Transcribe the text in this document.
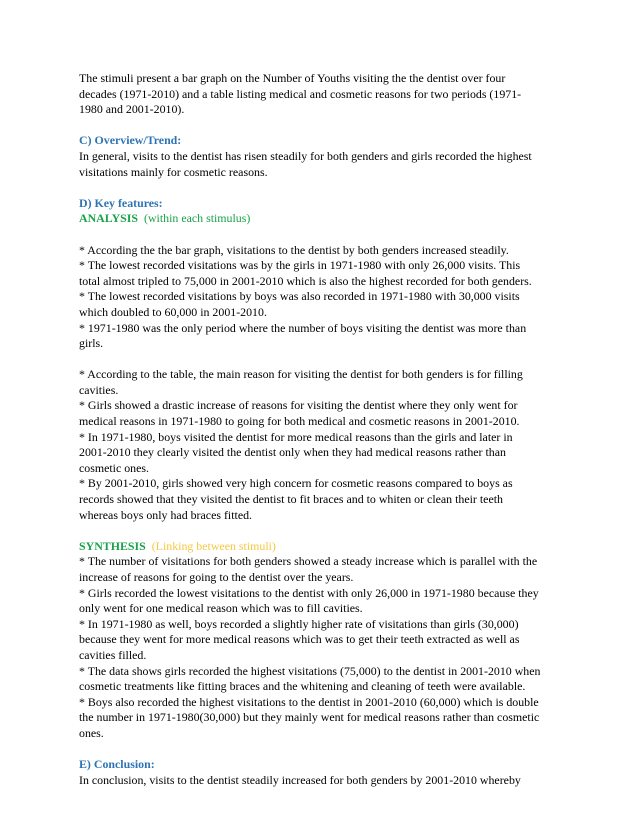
The stimuli present a bar graph on the Number of Youths visiting the the dentist over four
decades (1971-2010) and a table listing medical and cosmetic reasons for two periods (1971-
1980 and 2001-2010).
C) Overview/Trend:
In general, visits to the dentist has risen steadily for both genders and girls recorded the highest
visitations mainly for cosmetic reasons.
D) Key features:
ANALYSIS (within each stimulus)
* According the the bar graph, visitations to the dentist by both genders increased steadily.
* The lowest recorded visitations was by the girls in 1971-1980 with only 26,000 visits. This
total almost tripled to 75,000 in 2001-2010 which is also the highest recorded for both genders.
* The lowest recorded visitations by boys was also recorded in 1971-1980 with 30,000 visits
which doubled to 60,000 in 2001-2010.
* 1971-1980 was the only period where the number of boys visiting the dentist was more than
girls.
* According to the table, the main reason for visiting the dentist for both genders is for filling
cavities.
* Girls showed a drastic increase of reasons for visiting the dentist where they only went for
medical reasons in 1971-1980 to going for both medical and cosmetic reasons in 2001-2010.
* In 1971-1980, boys visited the dentist for more medical reasons than the girls and later in
2001-2010 they clearly visited the dentist only when they had medical reasons rather than
cosmetic ones.
* By 2001-2010, girls showed very high concern for cosmetic reasons compared to boys as
records showed that they visited the dentist to fit braces and to whiten or clean their teeth
whereas boys only had braces fitted.
SYNTHESIS (Linking between stimuli)
* The number of visitations for both genders showed a steady increase which is parallel with the
increase of reasons for going to the dentist over the years.
* Girls recorded the lowest visitations to the dentist with only 26,000 in 1971-1980 because they
only went for one medical reason which was to fill cavities.
* In 1971-1980 as well, boys recorded a slightly higher rate of visitations than girls (30,000)
because they went for more medical reasons which was to get their teeth extracted as well as
cavities filled.
* The data shows girls recorded the highest visitations (75,000) to the dentist in 2001-2010 when
cosmetic treatments like fitting braces and the whitening and cleaning of teeth were available.
* Boys also recorded the highest visitations to the dentist in 2001-2010 (60,000) which is double
the number in 1971-1980(30,000) but they mainly went for medical reasons rather than cosmetic
ones.
E) Conclusion:
In conclusion, visits to the dentist steadily increased for both genders by 2001-2010 whereby
